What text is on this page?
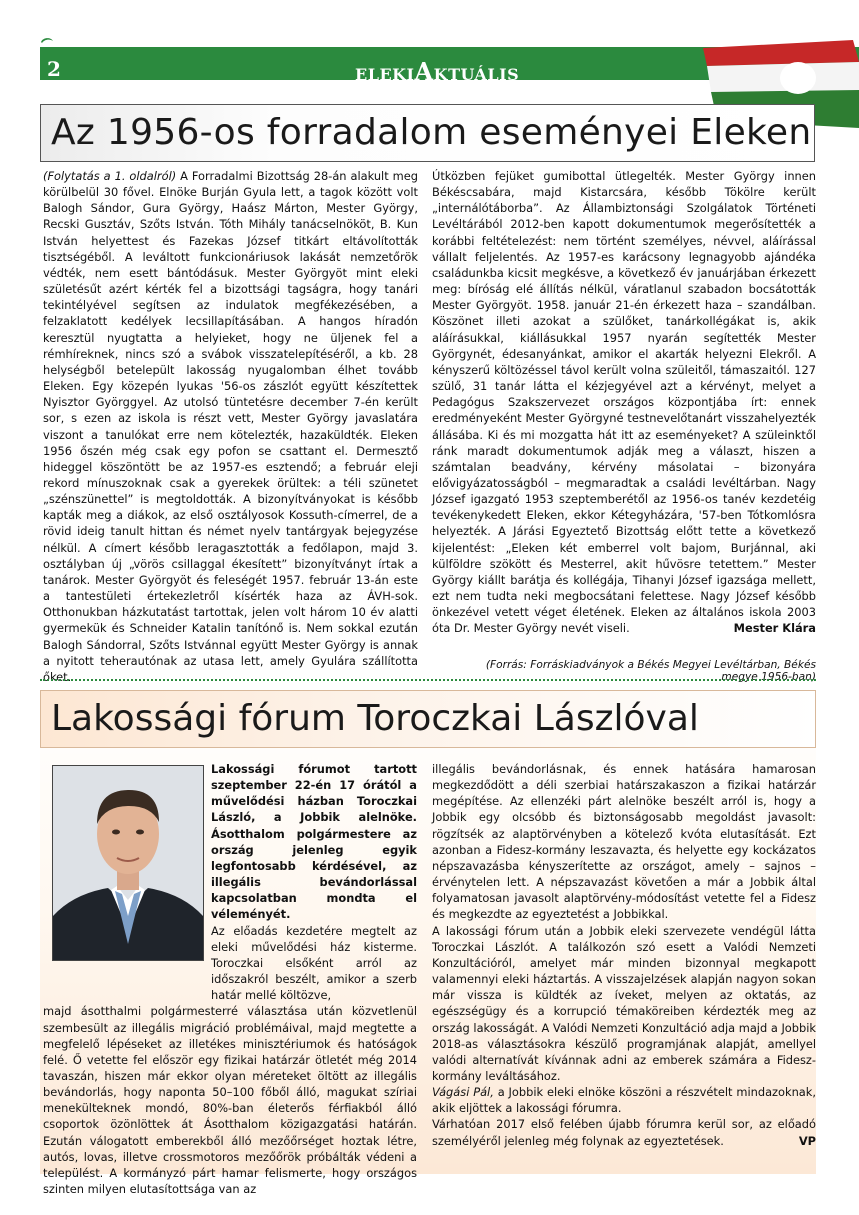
2	ELEKIAKTUÁLIS
Az 1956-os forradalom eseményei Eleken

(Folytatás a 1. oldalról) A Forradalmi Bizottság 28-án alakult meg körülbelül 30 fővel. Elnöke Burján Gyula lett, a tagok között volt Balogh Sándor, Gura György, Haász Márton, Mester György, Recski Gusztáv, Szőts István. Tóth Mihály tanácselnököt, B. Kun István helyettest és Fazekas József titkárt eltávolították tisztségéből. A leváltott funkcionáriusok lakását nemzetőrök védték, nem esett bántódásuk. Mester Györgyöt mint eleki születésűt azért kérték fel a bizottsági tagságra, hogy tanári tekintélyével segítsen az indulatok megfékezésében, a felzaklatott kedélyek lecsillapításában. A hangos híradón keresztül nyugtatta a helyieket, hogy ne üljenek fel a rémhíreknek, nincs szó a svábok visszatelepítéséről, a kb. 28 helységből betelepült lakosság nyugalomban élhet tovább Eleken. Egy közepén lyukas '56-os zászlót együtt készítettek Nyisztor Györggyel. Az utolsó tüntetésre december 7-én került sor, s ezen az iskola is részt vett, Mester György javaslatára viszont a tanulókat erre nem kötelezték, hazaküldték. Eleken 1956 őszén még csak egy pofon se csattant el. Dermesztő hideggel köszöntött be az 1957-es esztendő; a február eleji rekord mínuszoknak csak a gyerekek örültek: a téli szünetet „szénszünettel” is megtoldották. A bizonyítványokat is később kapták meg a diákok, az első osztályosok Kossuth-címerrel, de a rövid ideig tanult hittan és német nyelv tantárgyak bejegyzése nélkül. A címert később leragasztották a fedőlapon, majd 3. osztályban új „vörös csillaggal ékesített” bizonyítványt írtak a tanárok. Mester Györgyöt és feleségét 1957. február 13-án este a tantestületi értekezletről kísérték haza az ÁVH-sok. Otthonukban házkutatást tartottak, jelen volt három 10 év alatti gyermekük és Schneider Katalin tanítónő is. Nem sokkal ezután Balogh Sándorral, Szőts Istvánnal együtt Mester György is annak a nyitott teherautónak az utasa lett, amely Gyulára szállította őket.

Útközben fejüket gumibottal ütlegelték. Mester György innen Békéscsabára, majd Kistarcsára, később Tökölre került „internálótáborba”. Az Állambiztonsági Szolgálatok Történeti Levéltárából 2012-ben kapott dokumentumok megerősítették a korábbi feltételezést: nem történt személyes, névvel, aláírással vállalt feljelentés. Az 1957-es karácsony legnagyobb ajándéka családunkba kicsit megkésve, a következő év januárjában érkezett meg: bíróság elé állítás nélkül, váratlanul szabadon bocsátották Mester Györgyöt. 1958. január 21-én érkezett haza – szandálban. Köszönet illeti azokat a szülőket, tanárkollégákat is, akik aláírásukkal, kiállásukkal 1957 nyarán segítették Mester Györgynét, édesanyánkat, amikor el akarták helyezni Elekről. A kényszerű költözéssel távol került volna szüleitől, támaszaitól. 127 szülő, 31 tanár látta el kézjegyével azt a kérvényt, melyet a Pedagógus Szakszervezet országos központjába írt: ennek eredményeként Mester Györgyné testnevelőtanárt visszahelyezték állásába. Ki és mi mozgatta hát itt az eseményeket? A szüleinktől ránk maradt dokumentumok adják meg a választ, hiszen a számtalan beadvány, kérvény másolatai – bizonyára elővigyázatosságból – megmaradtak a családi levéltárban. Nagy József igazgató 1953 szeptemberétől az 1956-os tanév kezdetéig tevékenykedett Eleken, ekkor Kétegyházára, '57-ben Tótkomlósra helyezték. A Járási Egyeztető Bizottság előtt tette a következő kijelentést: „Eleken két emberrel volt bajom, Burjánnal, aki külföldre szökött és Mesterrel, akit hűvösre tetettem.” Mester György kiállt barátja és kollégája, Tihanyi József igazsága mellett, ezt nem tudta neki megbocsátani felettese. Nagy József később önkezével vetett véget életének. Eleken az általános iskola 2003 óta Dr. Mester György nevét viseli.	Mester Klára

(Forrás: Forráskiadványok a Békés Megyei Levéltárban, Békés megye 1956-ban)
Lakossági fórum Toroczkai Lászlóval

Lakossági fórumot tartott szeptember 22-én 17 órától a művelődési házban Toroczkai László, a Jobbik alelnöke. Ásotthalom polgármestere az ország jelenleg egyik legfontosabb kérdésével, az illegális bevándorlással kapcsolatban mondta el véleményét.

Az előadás kezdetére megtelt az eleki művelődési ház kisterme. Toroczkai elsőként arról az időszakról beszélt, amikor a szerb határ mellé költözve,

majd ásotthalmi polgármesterré választása után közvetlenül szembesült az illegális migráció problémáival, majd megtette a megfelelő lépéseket az illetékes minisztériumok és hatóságok felé. Ő vetette fel először egy fizikai határzár ötletét még 2014 tavaszán, hiszen már ekkor olyan méreteket öltött az illegális bevándorlás, hogy naponta 50–100 főből álló, magukat szíriai menekülteknek mondó, 80%-ban életerős férfiakból álló csoportok özönlöttek át Ásotthalom közigazgatási határán. Ezután válogatott emberekből álló mezőőrséget hoztak létre, autós, lovas, illetve crossmotoros mezőőrök próbálták védeni a települést. A kormányzó párt hamar felismerte, hogy országos szinten milyen elutasítottsága van az

illegális bevándorlásnak, és ennek hatására hamarosan megkezdődött a déli szerbiai határszakaszon a fizikai határzár megépítése. Az ellenzéki párt alelnöke beszélt arról is, hogy a Jobbik egy olcsóbb és biztonságosabb megoldást javasolt: rögzítsék az alaptörvényben a kötelező kvóta elutasítását. Ezt azonban a Fidesz-kormány leszavazta, és helyette egy kockázatos népszavazásba kényszerítette az országot, amely – sajnos – érvénytelen lett. A népszavazást követően a már a Jobbik által folyamatosan javasolt alaptörvény-módosítást vetette fel a Fidesz és megkezdte az egyeztetést a Jobbikkal.

A lakossági fórum után a Jobbik eleki szervezete vendégül látta Toroczkai Lászlót. A találkozón szó esett a Valódi Nemzeti Konzultációról, amelyet már minden bizonnyal megkapott valamennyi eleki háztartás. A visszajelzések alapján nagyon sokan már vissza is küldték az íveket, melyen az oktatás, az egészségügy és a korrupció témaköreiben kérdezték meg az ország lakosságát. A Valódi Nemzeti Konzultáció adja majd a Jobbik 2018-as választásokra készülő programjának alapját, amellyel valódi alternatívát kívánnak adni az emberek számára a Fidesz-kormány leváltásához.

Vágási Pál, a Jobbik eleki elnöke köszöni a részvételt mindazoknak, akik eljöttek a lakossági fórumra.

Várhatóan 2017 első felében újabb fórumra kerül sor, az előadó személyéről jelenleg még folynak az egyeztetések.	VP
